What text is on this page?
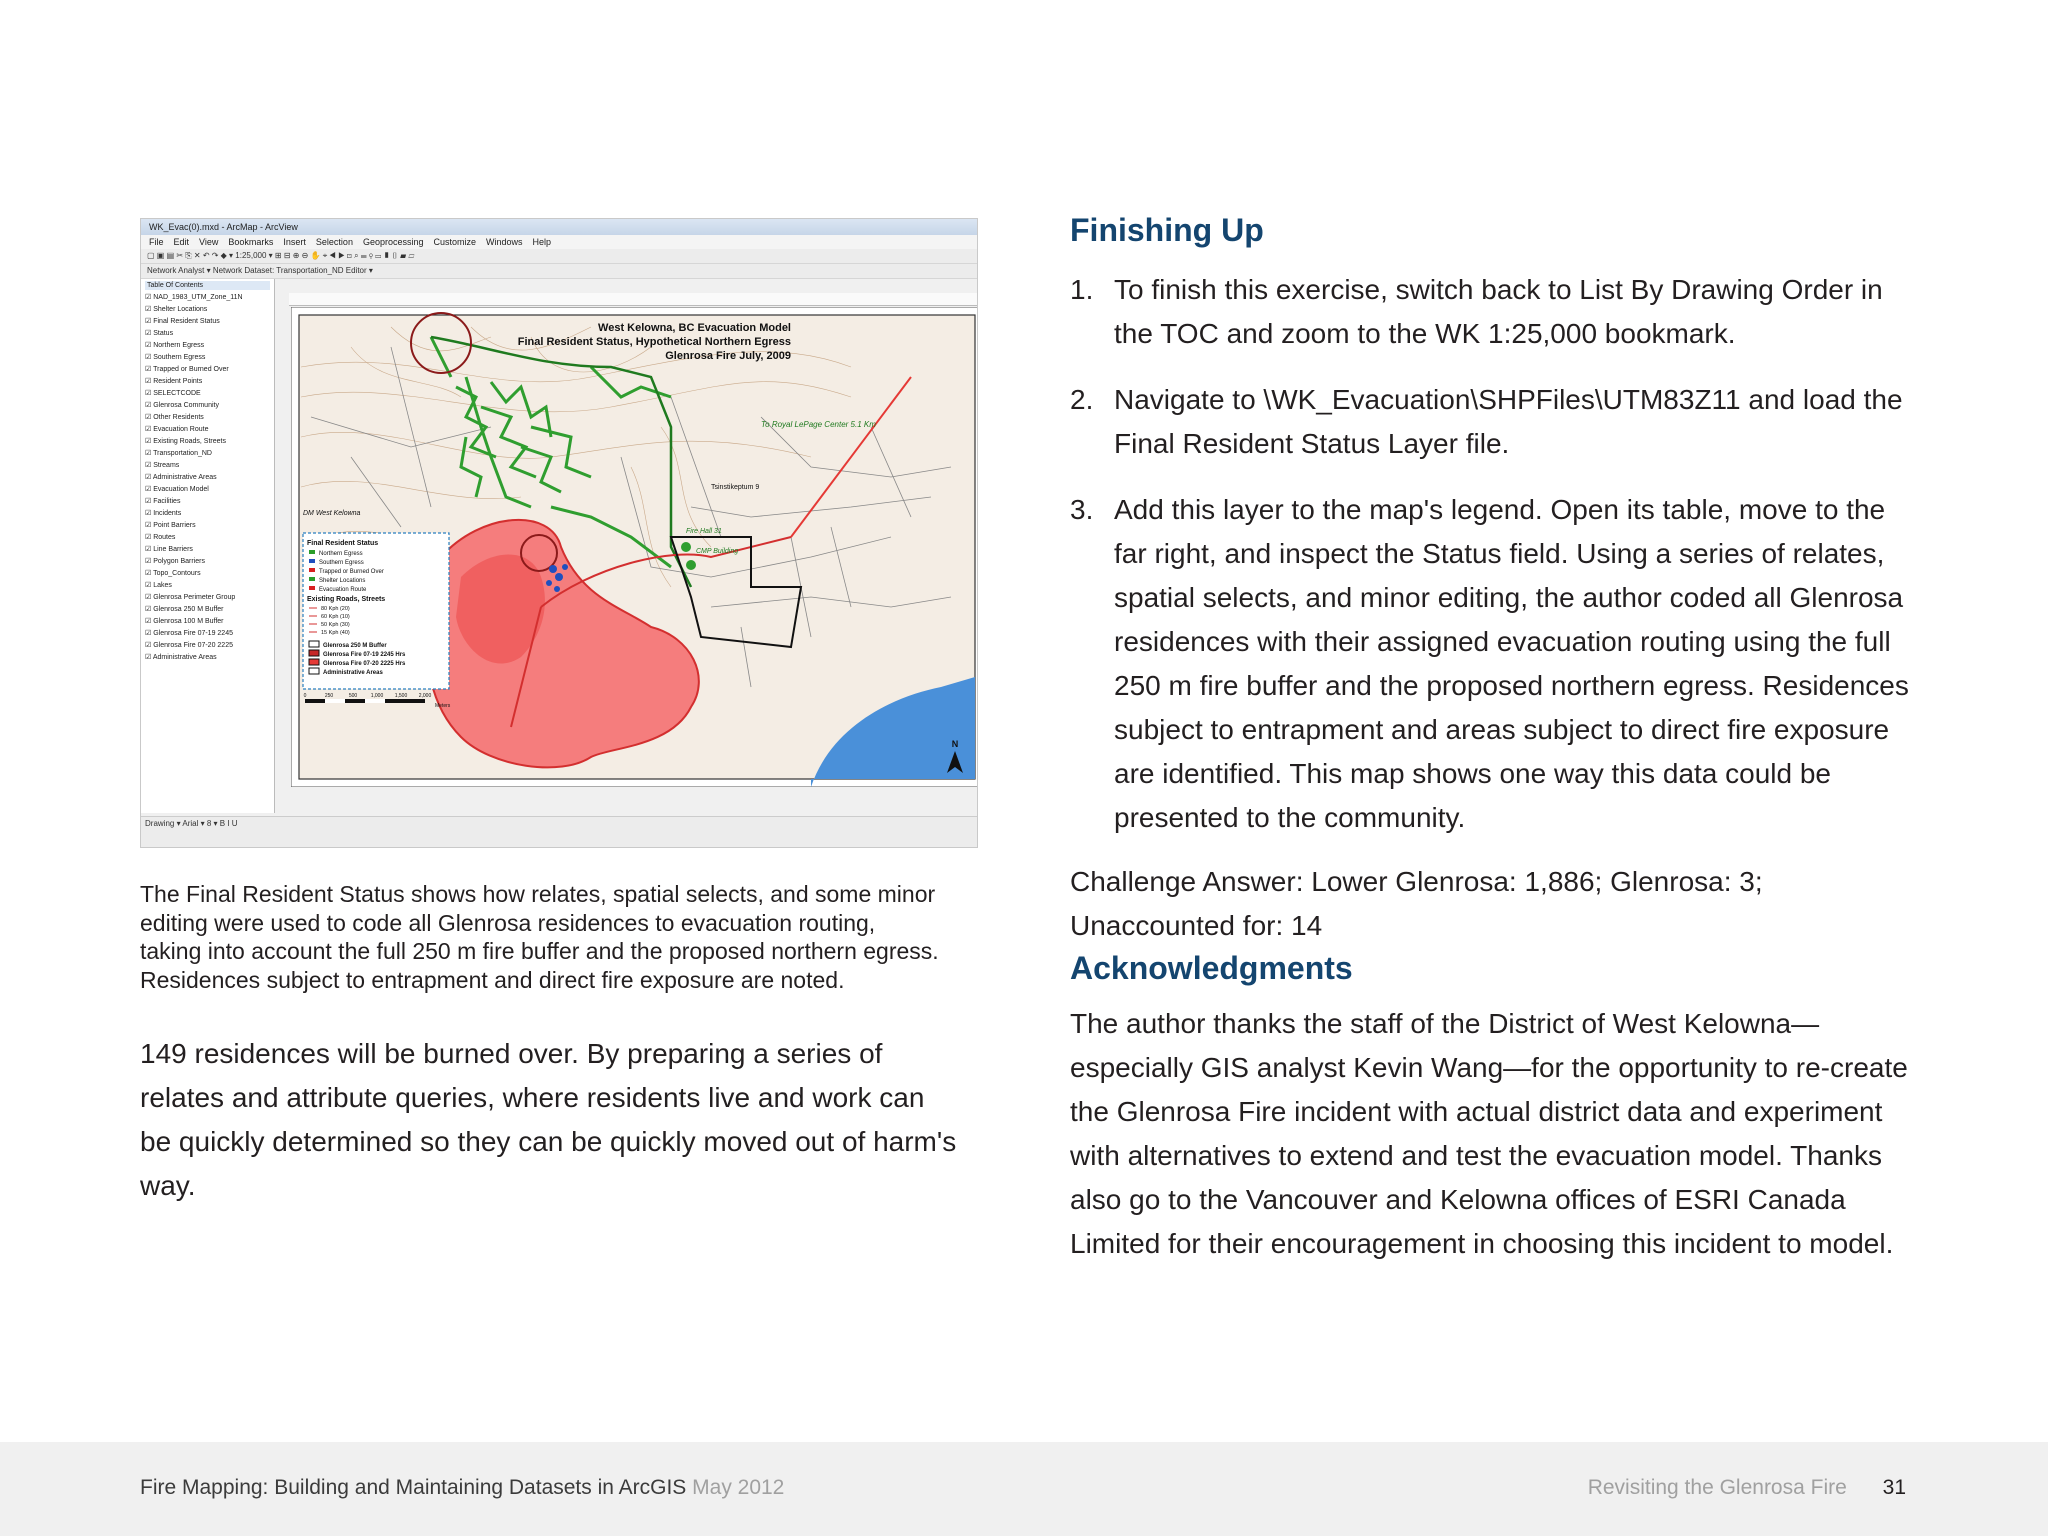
WK_Evac(0).mxd - ArcMap - ArcView
File Edit View Bookmarks Insert Selection Geoprocessing Customize Windows Help
▢ ▣ ▤ ✂ ⎘ ✕ ↶ ↷ ◆ ▾ 1:25,000 ▾ ⊞ ⊟ ⊕ ⊖ ✋ ⌖ ◀ ▶ ⊡ ⌕ ☰ ⚲ ▭ ▮ ▯ ▰ ▱
Network Analyst ▾ Network Dataset: Transportation_ND Editor ▾
Table Of Contents
☑ NAD_1983_UTM_Zone_11N
☑ Shelter Locations
☑ Final Resident Status
☑ Status
☑ Northern Egress
☑ Southern Egress
☑ Trapped or Burned Over
☑ Resident Points
☑ SELECTCODE
☑ Glenrosa Community
☑ Other Residents
☑ Evacuation Route
☑ Existing Roads, Streets
☑ Transportation_ND
☑ Streams
☑ Administrative Areas
☑ Evacuation Model
☑ Facilities
☑ Incidents
☑ Point Barriers
☑ Routes
☑ Line Barriers
☑ Polygon Barriers
☑ Topo_Contours
☑ Lakes
☑ Glenrosa Perimeter Group
☑ Glenrosa 250 M Buffer
☑ Glenrosa 100 M Buffer
☑ Glenrosa Fire 07-19 2245
☑ Glenrosa Fire 07-20 2225
☑ Administrative Areas
West Kelowna, BC Evacuation Model
Final Resident Status, Hypothetical Northern Egress
Glenrosa Fire July, 2009
To Royal LePage Center 5.1 Km
DM West Kelowna
Fire Hall 31
CMP Building
Tsinstikeptum 9
N
Final Resident Status
Northern Egress
Southern Egress
Trapped or Burned Over
Shelter Locations
Evacuation Route
Existing Roads, Streets
80 Kph (20)
60 Kph (10)
50 Kph (30)
15 Kph (40)
Glenrosa 250 M Buffer
Glenrosa Fire 07-19 2245 Hrs
Glenrosa Fire 07-20 2225 Hrs
Administrative Areas
0	250	500	1,000 1,500 2,000
Meters
Drawing ▾ Arial ▾ 8 ▾ B I U
The Final Resident Status shows how relates, spatial selects, and some minor editing were used to code all Glenrosa residences to evacuation routing, taking into account the full 250 m fire buffer and the proposed northern egress. Residences subject to entrapment and direct fire exposure are noted.
149 residences will be burned over. By preparing a series of relates and attribute queries, where residents live and work can be quickly determined so they can be quickly moved out of harm's way.
Finishing Up
1. To finish this exercise, switch back to List By Drawing Order in the TOC and zoom to the WK 1:25,000 bookmark.
2. Navigate to \WK_Evacuation\SHPFiles\UTM83Z11 and load the Final Resident Status Layer file.
3. Add this layer to the map's legend. Open its table, move to the far right, and inspect the Status field. Using a series of relates, spatial selects, and minor editing, the author coded all Glenrosa residences with their assigned evacuation routing using the full 250 m fire buffer and the proposed northern egress. Residences subject to entrapment and areas subject to direct fire exposure are identified. This map shows one way this data could be presented to the community.
Challenge Answer: Lower Glenrosa: 1,886; Glenrosa: 3; Unaccounted for: 14
Acknowledgments
The author thanks the staff of the District of West Kelowna—especially GIS analyst Kevin Wang—for the opportunity to re-create the Glenrosa Fire incident with actual district data and experiment with alternatives to extend and test the evacuation model. Thanks also go to the Vancouver and Kelowna offices of ESRI Canada Limited for their encouragement in choosing this incident to model.
Fire Mapping: Building and Maintaining Datasets in ArcGIS May 2012	Revisiting the Glenrosa Fire 31
